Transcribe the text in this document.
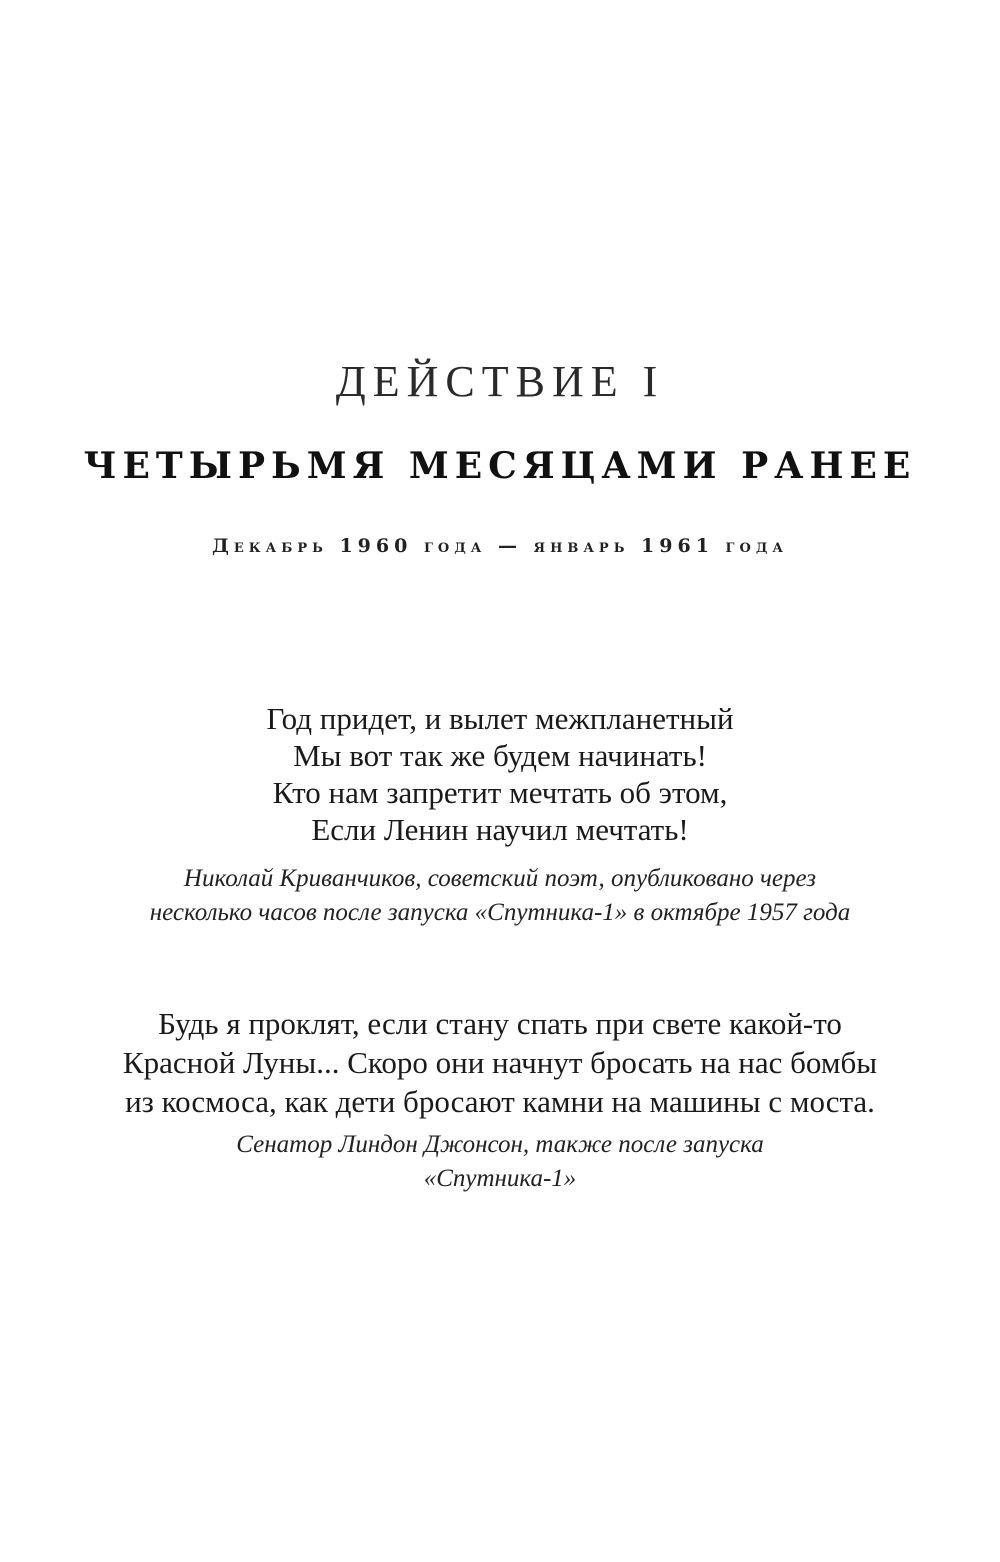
ДЕЙСТВИЕ I
ЧЕТЫРЬМЯ МЕСЯЦАМИ РАНЕЕ
Декабрь 1960 года — январь 1961 года
Год придет, и вылет межпланетный
Мы вот так же будем начинать!
Кто нам запретит мечтать об этом,
Если Ленин научил мечтать!
Николай Криванчиков, советский поэт, опубликовано через
несколько часов после запуска «Спутника-1» в октябре 1957 года
Будь я проклят, если стану спать при свете какой-то
Красной Луны... Скоро они начнут бросать на нас бомбы
из космоса, как дети бросают камни на машины с моста.
Сенатор Линдон Джонсон, также после запуска
«Спутника-1»
